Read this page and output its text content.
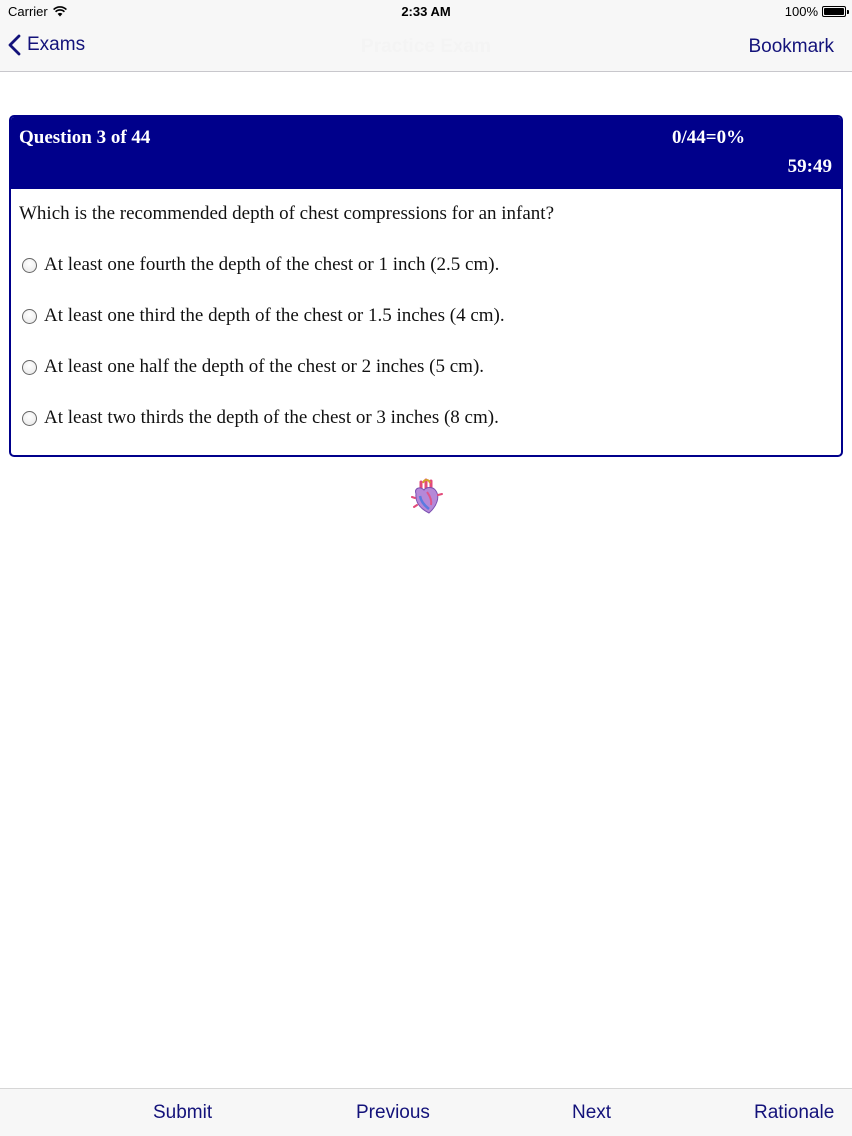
Carrier	2:33 AM	100%
Exams	Practice Exam	Bookmark
Question 3 of 44	0/44=0%
59:49
Which is the recommended depth of chest compressions for an infant?
At least one fourth the depth of the chest or 1 inch (2.5 cm).
At least one third the depth of the chest or 1.5 inches (4 cm).
At least one half the depth of the chest or 2 inches (5 cm).
At least two thirds the depth of the chest or 3 inches (8 cm).
Submit	Previous	Next	Rationale
